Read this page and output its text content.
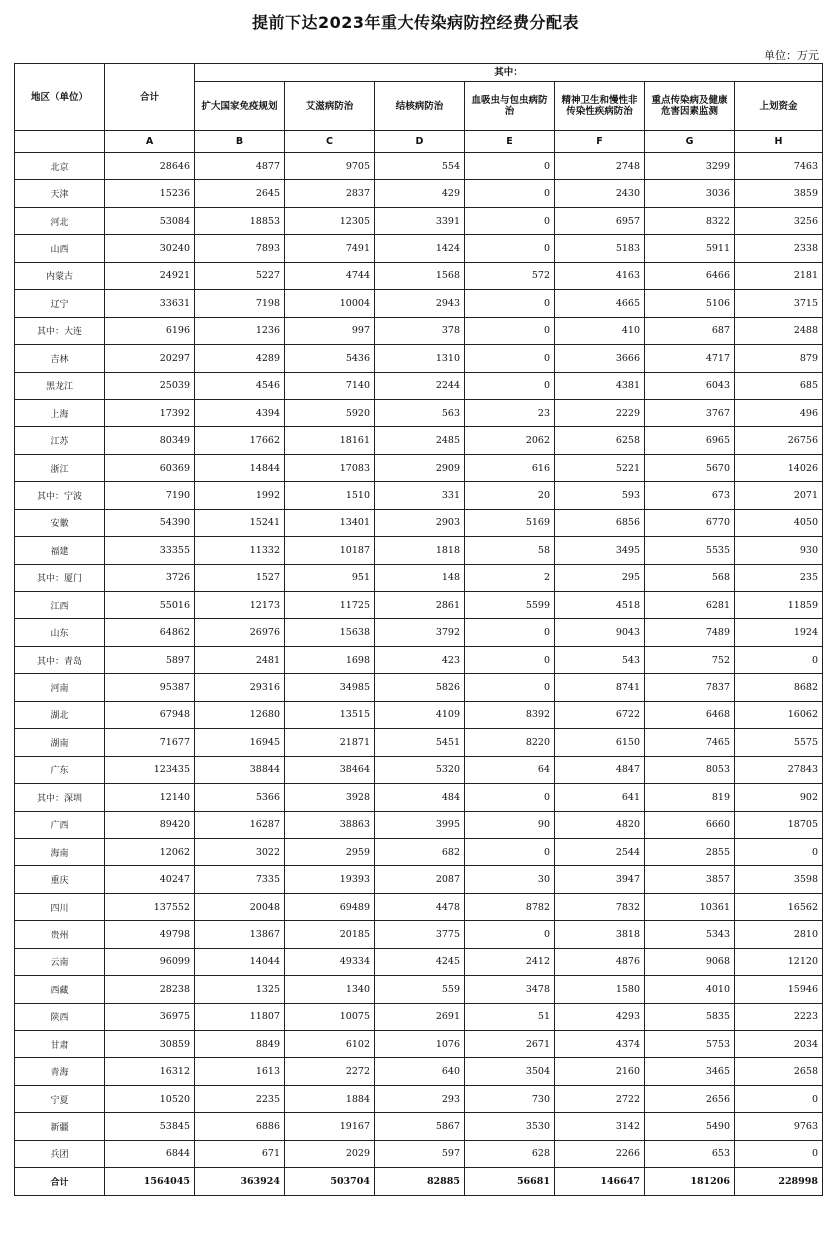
提前下达2023年重大传染病防控经费分配表
单位：万元
地区（单位）	合计	其中：						
		扩大国家免疫规划	艾滋病防治	结核病防治	血吸虫与包虫病防治	精神卫生和慢性非传染性疾病防治	重点传染病及健康危害因素监测	上划资金
	A	B	C	D	E	F	G	H
北京	28646	4877	9705	554	0	2748	3299	7463
天津	15236	2645	2837	429	0	2430	3036	3859
河北	53084	18853	12305	3391	0	6957	8322	3256
山西	30240	7893	7491	1424	0	5183	5911	2338
内蒙古	24921	5227	4744	1568	572	4163	6466	2181
辽宁	33631	7198	10004	2943	0	4665	5106	3715
其中：大连	6196	1236	997	378	0	410	687	2488
吉林	20297	4289	5436	1310	0	3666	4717	879
黑龙江	25039	4546	7140	2244	0	4381	6043	685
上海	17392	4394	5920	563	23	2229	3767	496
江苏	80349	17662	18161	2485	2062	6258	6965	26756
浙江	60369	14844	17083	2909	616	5221	5670	14026
其中：宁波	7190	1992	1510	331	20	593	673	2071
安徽	54390	15241	13401	2903	5169	6856	6770	4050
福建	33355	11332	10187	1818	58	3495	5535	930
其中：厦门	3726	1527	951	148	2	295	568	235
江西	55016	12173	11725	2861	5599	4518	6281	11859
山东	64862	26976	15638	3792	0	9043	7489	1924
其中：青岛	5897	2481	1698	423	0	543	752	0
河南	95387	29316	34985	5826	0	8741	7837	8682
湖北	67948	12680	13515	4109	8392	6722	6468	16062
湖南	71677	16945	21871	5451	8220	6150	7465	5575
广东	123435	38844	38464	5320	64	4847	8053	27843
其中：深圳	12140	5366	3928	484	0	641	819	902
广西	89420	16287	38863	3995	90	4820	6660	18705
海南	12062	3022	2959	682	0	2544	2855	0
重庆	40247	7335	19393	2087	30	3947	3857	3598
四川	137552	20048	69489	4478	8782	7832	10361	16562
贵州	49798	13867	20185	3775	0	3818	5343	2810
云南	96099	14044	49334	4245	2412	4876	9068	12120
西藏	28238	1325	1340	559	3478	1580	4010	15946
陕西	36975	11807	10075	2691	51	4293	5835	2223
甘肃	30859	8849	6102	1076	2671	4374	5753	2034
青海	16312	1613	2272	640	3504	2160	3465	2658
宁夏	10520	2235	1884	293	730	2722	2656	0
新疆	53845	6886	19167	5867	3530	3142	5490	9763
兵团	6844	671	2029	597	628	2266	653	0
合计	1564045	363924	503704	82885	56681	146647	181206	228998
